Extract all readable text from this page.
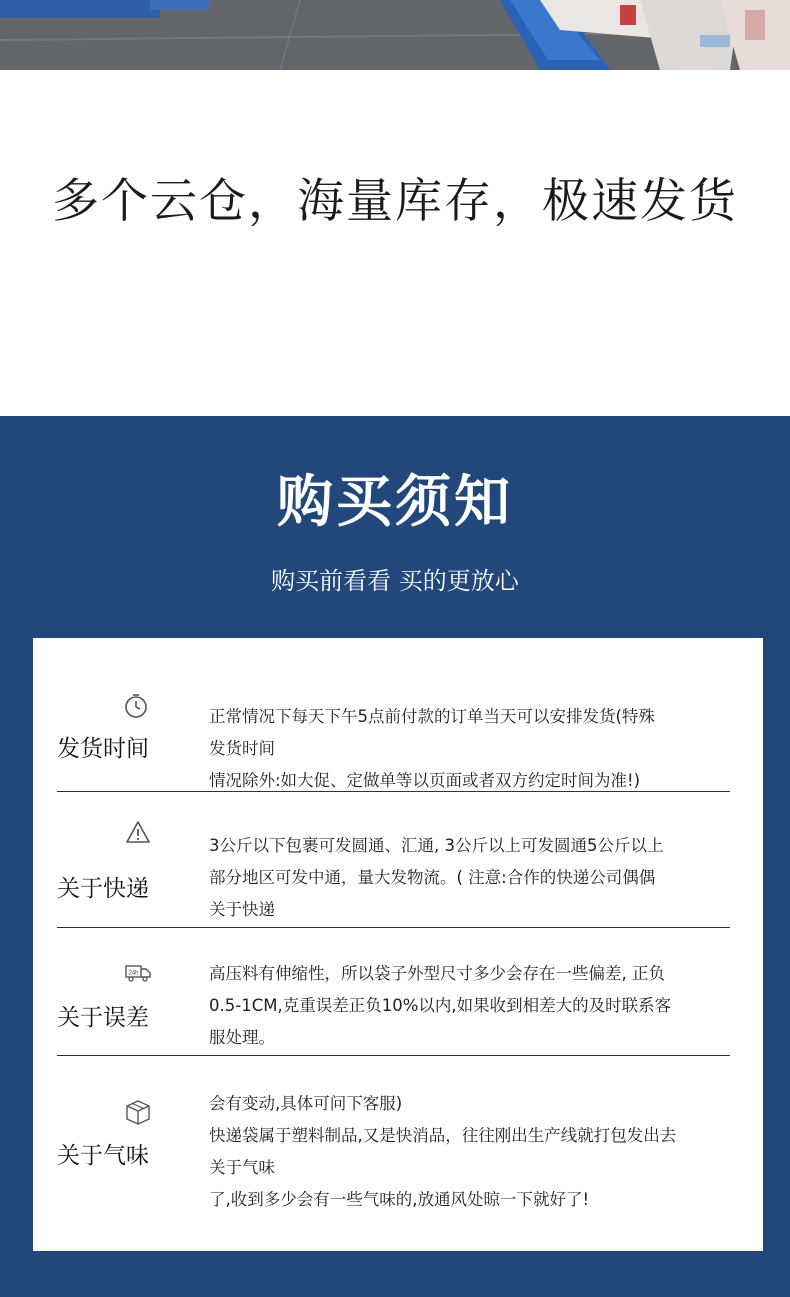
多个云仓，海量库存，极速发货
购买须知
购买前看看 买的更放心
发货时间
正常情况下每天下午5点前付款的订单当天可以安排发货(特殊
发货时间
情况除外:如大促、定做单等以页面或者双方约定时间为准!)
关于快递
3公斤以下包裹可发圆通、汇通, 3公斤以上可发圆通5公斤以上
部分地区可发中通，量大发物流。( 注意:合作的快递公司偶偶
关于快递
24h
关于误差
高压料有伸缩性，所以袋子外型尺寸多少会存在一些偏差, 正负
0.5-1CM,克重误差正负10%以内,如果收到相差大的及时联系客
服处理。
关于气味
会有变动,具体可问下客服)
快递袋属于塑料制品,又是快消品，往往刚出生产线就打包发出去
关于气味
了,收到多少会有一些气味的,放通风处晾一下就好了!
